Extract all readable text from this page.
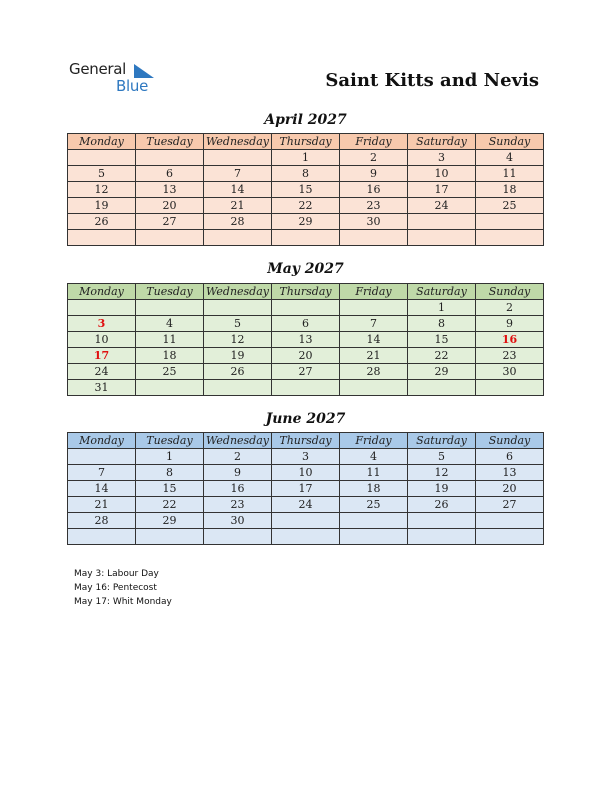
General
Blue	Saint Kitts and Nevis
April 2027
Monday	Tuesday	Wednesday	Thursday	Friday	Saturday	Sunday
			1	2	3	4
5	6	7	8	9	10	11
12	13	14	15	16	17	18
19	20	21	22	23	24	25
26	27	28	29	30		

May 2027
Monday	Tuesday	Wednesday	Thursday	Friday	Saturday	Sunday
					1	2
3	4	5	6	7	8	9
10	11	12	13	14	15	16
17	18	19	20	21	22	23
24	25	26	27	28	29	30
31						
June 2027
Monday	Tuesday	Wednesday	Thursday	Friday	Saturday	Sunday
	1	2	3	4	5	6
7	8	9	10	11	12	13
14	15	16	17	18	19	20
21	22	23	24	25	26	27
28	29	30				

May 3: Labour Day
May 16: Pentecost
May 17: Whit Monday
